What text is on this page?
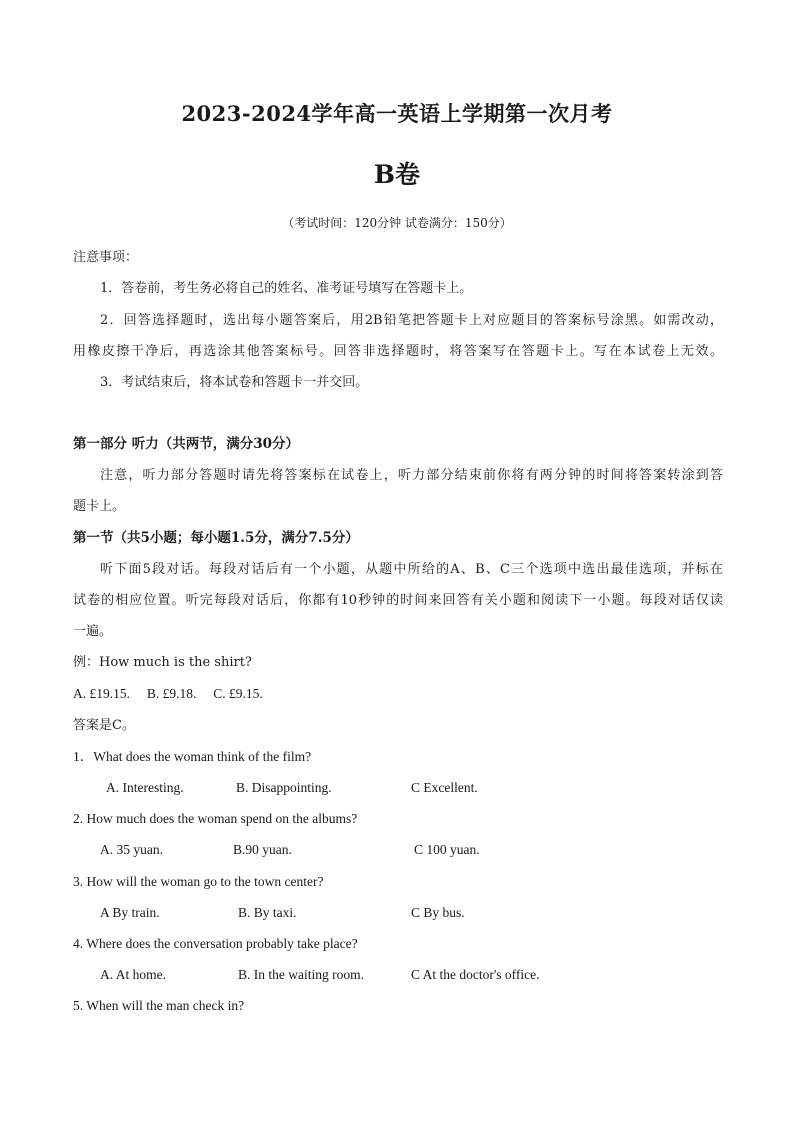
2023-2024学年高一英语上学期第一次月考
B卷
（考试时间：120分钟 试卷满分：150分）
注意事项：
1．答卷前，考生务必将自己的姓名、准考证号填写在答题卡上。
2．回答选择题时，选出每小题答案后，用2B铅笔把答题卡上对应题目的答案标号涂黑。如需改动，
用橡皮擦干净后，再选涂其他答案标号。回答非选择题时，将答案写在答题卡上。写在本试卷上无效。
3．考试结束后，将本试卷和答题卡一并交回。
第一部分 听力（共两节，满分30分）
注意，听力部分答题时请先将答案标在试卷上，听力部分结束前你将有两分钟的时间将答案转涂到答
题卡上。
第一节（共5小题；每小题1.5分，满分7.5分）
听下面5段对话。每段对话后有一个小题，从题中所给的A、B、C三个选项中选出最佳选项，并标在
试卷的相应位置。听完每段对话后，你都有10秒钟的时间来回答有关小题和阅读下一小题。每段对话仅读
一遍。
例：How much is the shirt?
A. £19.15.     B. £9.18.     C. £9.15.
答案是C。
1．What does the woman think of the film?
A. Interesting.	B. Disappointing.	C Excellent.
2. How much does the woman spend on the albums?
A. 35 yuan.	B.90 yuan.	C 100 yuan.
3. How will the woman go to the town center?
A By train.	B. By taxi.	C By bus.
4. Where does the conversation probably take place?
A. At home.	B. In the waiting room.	C At the doctor's office.
5. When will the man check in?
